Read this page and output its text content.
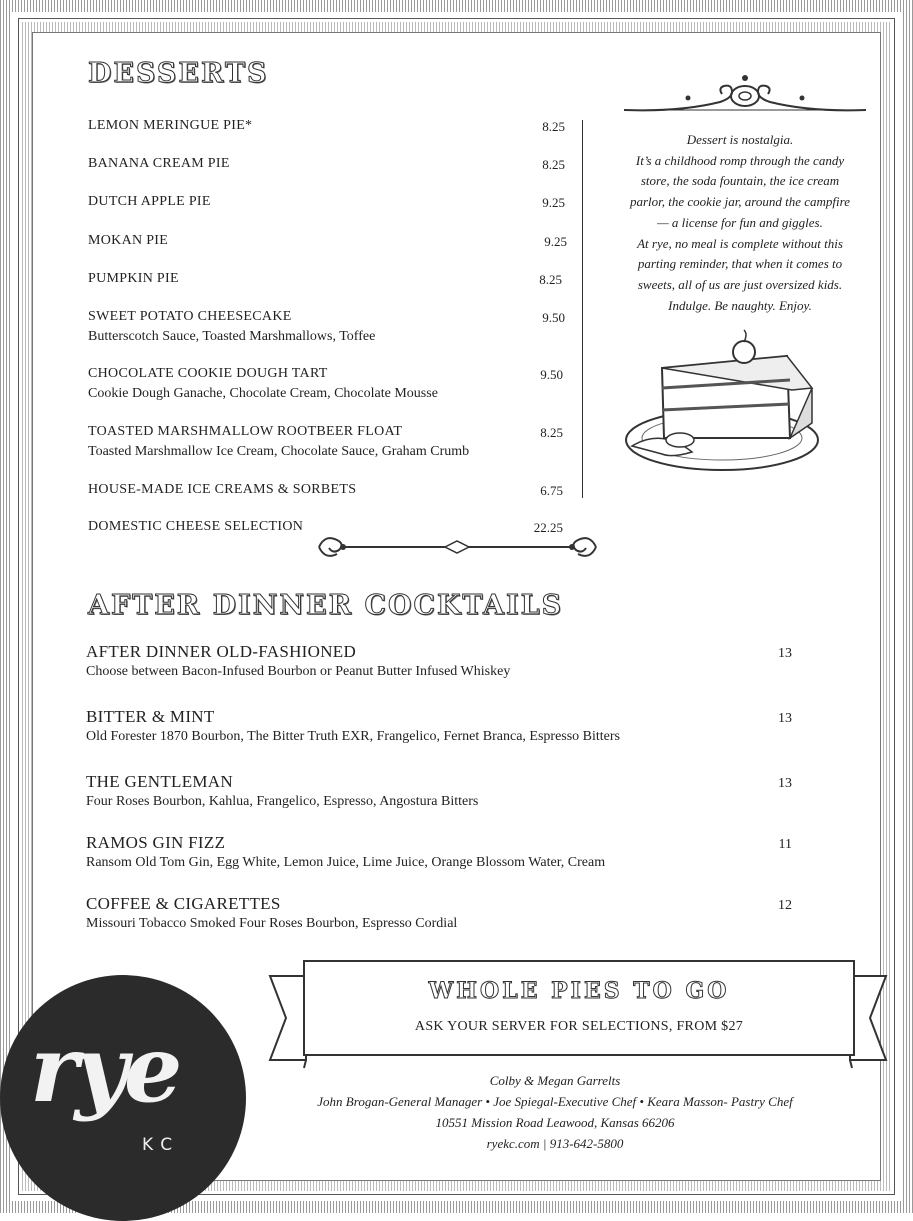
DESSERTS
LEMON MERINGUE PIE*	8.25
BANANA CREAM PIE	8.25
DUTCH APPLE PIE	9.25
MOKAN PIE	9.25
PUMPKIN PIE	8.25
SWEET POTATO CHEESECAKE	9.50
Butterscotch Sauce, Toasted Marshmallows, Toffee
CHOCOLATE COOKIE DOUGH TART	9.50
Cookie Dough Ganache, Chocolate Cream, Chocolate Mousse
TOASTED MARSHMALLOW ROOTBEER FLOAT	8.25
Toasted Marshmallow Ice Cream, Chocolate Sauce, Graham Crumb
HOUSE-MADE ICE CREAMS & SORBETS	6.75
DOMESTIC CHEESE SELECTION	22.25
Dessert is nostalgia.
It’s a childhood romp through the candy
store, the soda fountain, the ice cream
parlor, the cookie jar, around the campfire
— a license for fun and giggles.
At rye, no meal is complete without this
parting reminder, that when it comes to
sweets, all of us are just oversized kids.
Indulge. Be naughty. Enjoy.
AFTER DINNER COCKTAILS
AFTER DINNER OLD-FASHIONED	13
Choose between Bacon-Infused Bourbon or Peanut Butter Infused Whiskey
BITTER & MINT	13
Old Forester 1870 Bourbon, The Bitter Truth EXR, Frangelico, Fernet Branca, Espresso Bitters
THE GENTLEMAN	13
Four Roses Bourbon, Kahlua, Frangelico, Espresso, Angostura Bitters
RAMOS GIN FIZZ	11
Ransom Old Tom Gin, Egg White, Lemon Juice, Lime Juice, Orange Blossom Water, Cream
COFFEE & CIGARETTES	12
Missouri Tobacco Smoked Four Roses Bourbon, Espresso Cordial
WHOLE PIES TO GO
ASK YOUR SERVER FOR SELECTIONS, FROM $27
Colby & Megan Garrelts
John Brogan-General Manager • Joe Spiegal-Executive Chef • Keara Masson- Pastry Chef
10551 Mission Road Leawood, Kansas 66206
ryekc.com | 913-642-5800
rye
KC
